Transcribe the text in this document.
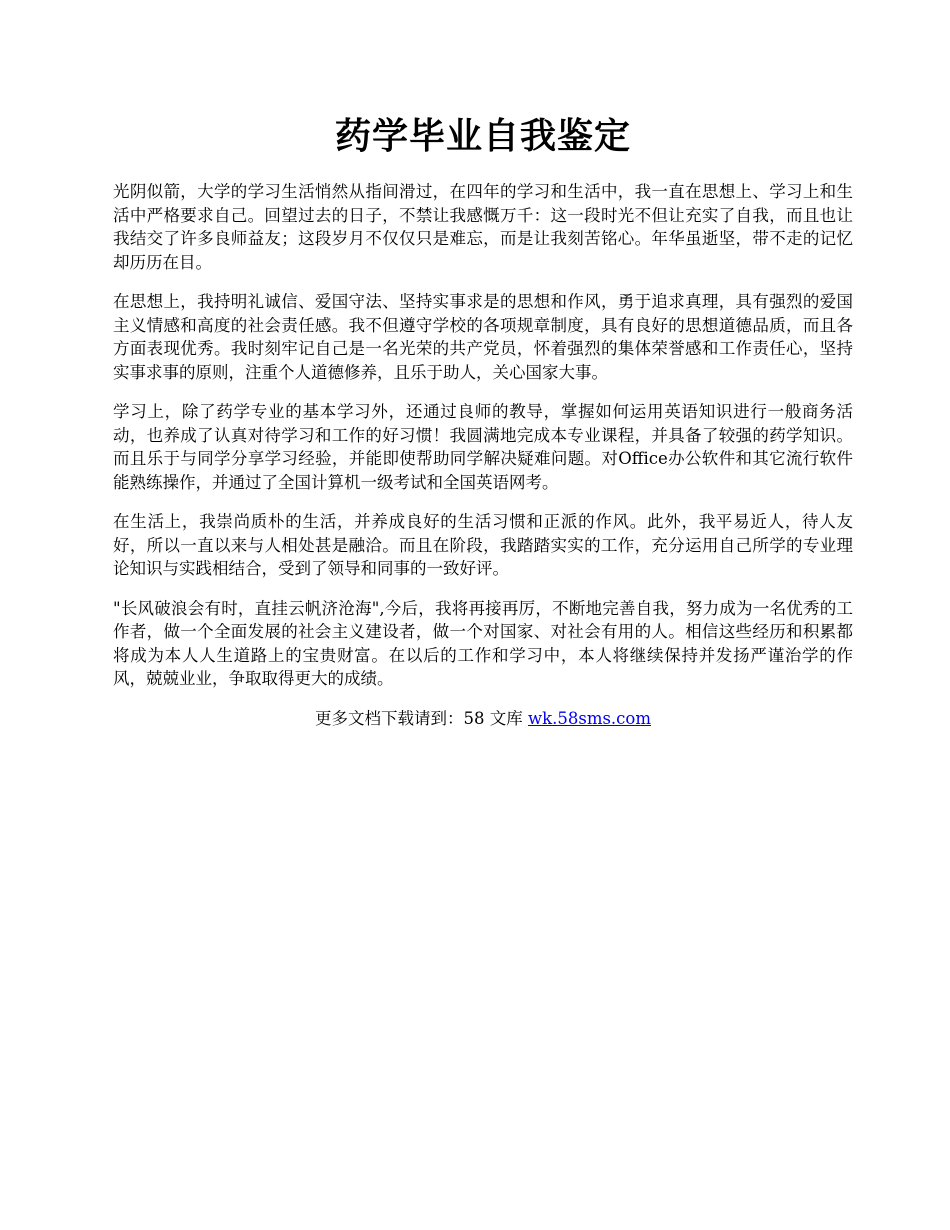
药学毕业自我鉴定

光阴似箭，大学的学习生活悄然从指间滑过，在四年的学习和生活中，我一直在思想上、学习上和生活中严格要求自己。回望过去的日子，不禁让我感慨万千：这一段时光不但让充实了自我，而且也让我结交了许多良师益友；这段岁月不仅仅只是难忘，而是让我刻苦铭心。年华虽逝坚，带不走的记忆却历历在目。

在思想上，我持明礼诚信、爱国守法、坚持实事求是的思想和作风，勇于追求真理，具有强烈的爱国主义情感和高度的社会责任感。我不但遵守学校的各项规章制度，具有良好的思想道德品质，而且各方面表现优秀。我时刻牢记自己是一名光荣的共产党员，怀着强烈的集体荣誉感和工作责任心，坚持实事求事的原则，注重个人道德修养，且乐于助人，关心国家大事。

学习上，除了药学专业的基本学习外，还通过良师的教导，掌握如何运用英语知识进行一般商务活动，也养成了认真对待学习和工作的好习惯！我圆满地完成本专业课程，并具备了较强的药学知识。而且乐于与同学分享学习经验，并能即使帮助同学解决疑难问题。对Office办公软件和其它流行软件能熟练操作，并通过了全国计算机一级考试和全国英语网考。

在生活上，我崇尚质朴的生活，并养成良好的生活习惯和正派的作风。此外，我平易近人，待人友好，所以一直以来与人相处甚是融洽。而且在阶段，我踏踏实实的工作，充分运用自己所学的专业理论知识与实践相结合，受到了领导和同事的一致好评。

"长风破浪会有时，直挂云帆济沧海",今后，我将再接再厉，不断地完善自我，努力成为一名优秀的工作者，做一个全面发展的社会主义建设者，做一个对国家、对社会有用的人。相信这些经历和积累都将成为本人人生道路上的宝贵财富。在以后的工作和学习中，本人将继续保持并发扬严谨治学的作风，兢兢业业，争取取得更大的成绩。

更多文档下载请到：58 文库 wk.58sms.com
